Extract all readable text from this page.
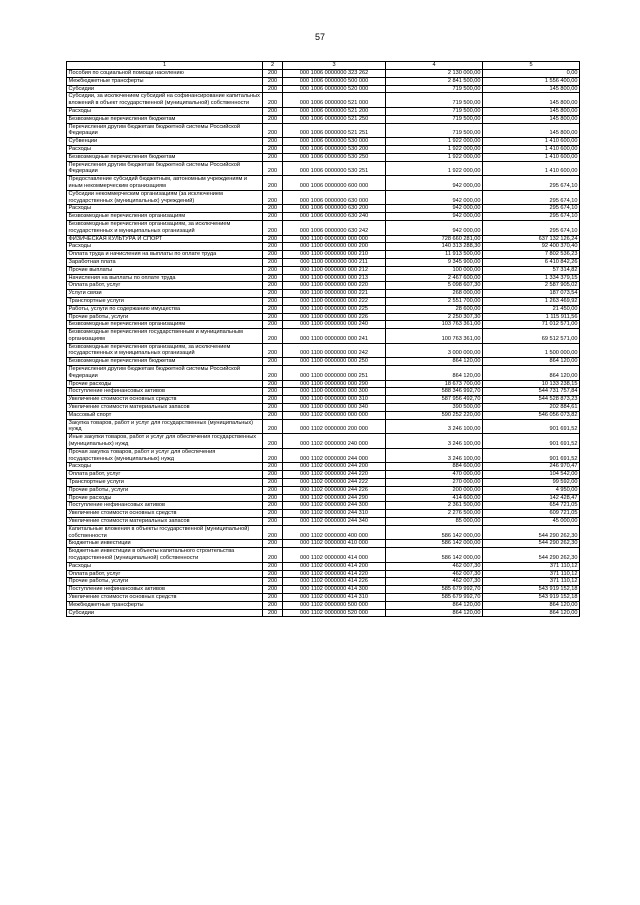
57
1	2	3	4	5
Пособия по социальной помощи населению	200	000 1006 0000000 323 262	2 130 000,00	0,00
Межбюджетные трансферты	200	000 1006 0000000 500 000	2 841 500,00	1 556 400,00
Субсидии	200	000 1006 0000000 520 000	719 500,00	145 800,00
Субсидии, за исключением субсидий на софинансирование капитальных вложений в объект государственной (муниципальной) собственности	200	000 1006 0000000 521 000	719 500,00	145 800,00
Расходы	200	000 1006 0000000 521 200	719 500,00	145 800,00
Безвозмездные перечисления бюджетам	200	000 1006 0000000 521 250	719 500,00	145 800,00
Перечисления другим бюджетам бюджетной системы Российской Федерации	200	000 1006 0000000 521 251	719 500,00	145 800,00
Субвенции	200	000 1006 0000000 530 000	1 922 000,00	1 410 600,00
Расходы	200	000 1006 0000000 530 200	1 922 000,00	1 410 600,00
Безвозмездные перечисления бюджетам	200	000 1006 0000000 530 250	1 922 000,00	1 410 600,00
Перечисления другим бюджетам бюджетной системы Российской Федерации	200	000 1006 0000000 530 251	1 922 000,00	1 410 600,00
Предоставление субсидий бюджетным, автономным учреждениям и иным некоммерческим организациям	200	000 1006 0000000 600 000	942 000,00	295 674,10
Субсидии некоммерческим организациям (за исключением государственных (муниципальных) учреждений)	200	000 1006 0000000 630 000	942 000,00	295 674,10
Расходы	200	000 1006 0000000 630 200	942 000,00	295 674,10
Безвозмездные перечисления организациям	200	000 1006 0000000 630 240	942 000,00	295 674,10
Безвозмездные перечисления организациям, за исключением государственных и муниципальных организаций	200	000 1006 0000000 630 242	942 000,00	295 674,10
ФИЗИЧЕСКАЯ КУЛЬТУРА И СПОРТ	200	000 1100 0000000 000 000	728 660 281,00	637 132 126,24
Расходы	200	000 1100 0000000 000 200	140 313 288,30	92 400 370,40
Оплата труда и начисления на выплаты по оплате труда	200	000 1100 0000000 000 210	11 913 500,00	7 802 536,23
Заработная плата	200	000 1100 0000000 000 211	9 345 900,00	6 410 842,26
Прочие выплаты	200	000 1100 0000000 000 212	100 000,00	57 314,82
Начисления на выплаты по оплате труда	200	000 1100 0000000 000 213	2 467 600,00	1 334 379,15
Оплата работ, услуг	200	000 1100 0000000 000 220	5 098 607,30	2 587 905,02
Услуги связи	200	000 1100 0000000 000 221	268 000,00	187 073,54
Транспортные услуги	200	000 1100 0000000 000 222	2 551 700,00	1 263 469,92
Работы, услуги по содержанию имущества	200	000 1100 0000000 000 225	28 600,00	21 450,00
Прочие работы, услуги	200	000 1100 0000000 000 226	2 250 307,30	1 115 911,56
Безвозмездные перечисления организациям	200	000 1100 0000000 000 240	103 763 361,00	71 012 571,00
Безвозмездные перечисления государственным и муниципальным организациям	200	000 1100 0000000 000 241	100 763 361,00	69 512 571,00
Безвозмездные перечисления организациям, за исключением государственных и муниципальных организаций	200	000 1100 0000000 000 242	3 000 000,00	1 500 000,00
Безвозмездные перечисления бюджетам	200	000 1100 0000000 000 250	864 120,00	864 120,00
Перечисления другим бюджетам бюджетной системы Российской Федерации	200	000 1100 0000000 000 251	864 120,00	864 120,00
Прочие расходы	200	000 1100 0000000 000 290	18 673 700,00	10 133 238,15
Поступление нефинансовых активов	200	000 1100 0000000 000 300	588 346 992,70	544 731 757,84
Увеличение стоимости основных средств	200	000 1100 0000000 000 310	587 956 492,70	544 528 873,23
Увеличение стоимости материальных запасов	200	000 1100 0000000 000 340	390 500,00	202 884,61
Массовый спорт	200	000 1102 0000000 000 000	590 252 220,00	546 056 073,82
Закупка товаров, работ и услуг для государственных (муниципальных) нужд	200	000 1102 0000000 200 000	3 246 100,00	901 691,52
Иные закупки товаров, работ и услуг для обеспечения государственных (муниципальных) нужд	200	000 1102 0000000 240 000	3 246 100,00	901 691,52
Прочая закупка товаров, работ и услуг для обеспечения государственных (муниципальных) нужд	200	000 1102 0000000 244 000	3 246 100,00	901 691,52
Расходы	200	000 1102 0000000 244 200	884 600,00	246 970,47
Оплата работ, услуг	200	000 1102 0000000 244 220	470 000,00	104 542,00
Транспортные услуги	200	000 1102 0000000 244 222	270 000,00	99 592,00
Прочие работы, услуги	200	000 1102 0000000 244 226	200 000,00	4 950,00
Прочие расходы	200	000 1102 0000000 244 290	414 600,00	142 428,47
Поступление нефинансовых активов	200	000 1102 0000000 244 300	2 361 500,00	654 721,05
Увеличение стоимости основных средств	200	000 1102 0000000 244 310	2 276 500,00	609 721,05
Увеличение стоимости материальных запасов	200	000 1102 0000000 244 340	85 000,00	45 000,00
Капитальные вложения в объекты государственной (муниципальной) собственности	200	000 1102 0000000 400 000	586 142 000,00	544 290 262,30
Бюджетные инвестиции	200	000 1102 0000000 410 000	586 142 000,00	544 290 262,30
Бюджетные инвестиции в объекты капитального строительства государственной (муниципальной) собственности	200	000 1102 0000000 414 000	586 142 000,00	544 290 262,30
Расходы	200	000 1102 0000000 414 200	462 007,30	371 110,12
Оплата работ, услуг	200	000 1102 0000000 414 220	462 007,30	371 110,12
Прочие работы, услуги	200	000 1102 0000000 414 226	462 007,30	371 110,12
Поступление нефинансовых активов	200	000 1102 0000000 414 300	585 679 992,70	543 919 152,18
Увеличение стоимости основных средств	200	000 1102 0000000 414 310	585 679 992,70	543 919 152,18
Межбюджетные трансферты	200	000 1102 0000000 500 000	864 120,00	864 120,00
Субсидии	200	000 1102 0000000 520 000	864 120,00	864 120,00
